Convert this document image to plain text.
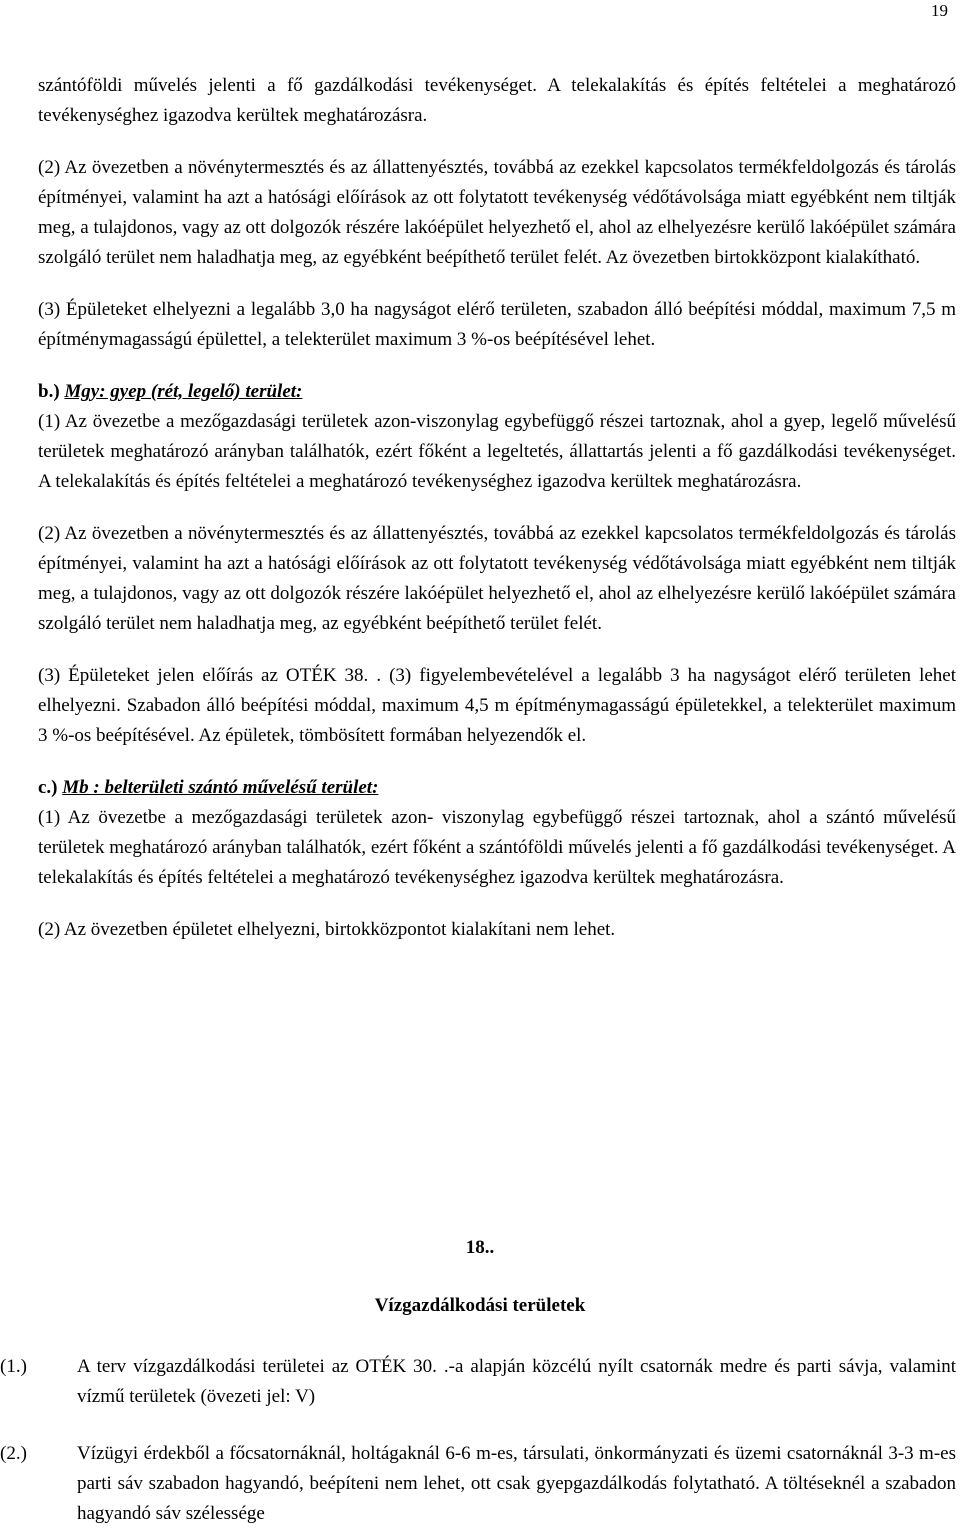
19

szántóföldi művelés jelenti a fő gazdálkodási tevékenységet. A telekalakítás és építés feltételei a meghatározó tevékenységhez igazodva kerültek meghatározásra.

(2) Az övezetben a növénytermesztés és az állattenyésztés, továbbá az ezekkel kapcsolatos termékfeldolgozás és tárolás építményei, valamint ha azt a hatósági előírások az ott folytatott tevékenység védőtávolsága miatt egyébként nem tiltják meg, a tulajdonos, vagy az ott dolgozók részére lakóépület helyezhető el, ahol az elhelyezésre kerülő lakóépület számára szolgáló terület nem haladhatja meg, az egyébként beépíthető terület felét. Az övezetben birtokközpont kialakítható.

(3) Épületeket elhelyezni a legalább 3,0 ha nagyságot elérő területen, szabadon álló beépítési móddal, maximum 7,5 m építménymagasságú épülettel, a telekterület maximum 3 %-os beépítésével lehet.

b.) Mgy: gyep (rét, legelő) terület:

(1) Az övezetbe a mezőgazdasági területek azon-viszonylag egybefüggő részei tartoznak, ahol a gyep, legelő művelésű területek meghatározó arányban találhatók, ezért főként a legeltetés, állattartás jelenti a fő gazdálkodási tevékenységet. A telekalakítás és építés feltételei a meghatározó tevékenységhez igazodva kerültek meghatározásra.

(2) Az övezetben a növénytermesztés és az állattenyésztés, továbbá az ezekkel kapcsolatos termékfeldolgozás és tárolás építményei, valamint ha azt a hatósági előírások az ott folytatott tevékenység védőtávolsága miatt egyébként nem tiltják meg, a tulajdonos, vagy az ott dolgozók részére lakóépület helyezhető el, ahol az elhelyezésre kerülő lakóépület számára szolgáló terület nem haladhatja meg, az egyébként beépíthető terület felét.

(3) Épületeket jelen előírás az OTÉK 38. . (3) figyelembevételével a legalább 3 ha nagyságot elérő területen lehet elhelyezni. Szabadon álló beépítési móddal, maximum 4,5 m építménymagasságú épületekkel, a telekterület maximum 3 %-os beépítésével. Az épületek, tömbösített formában helyezendők el.

c.) Mb : belterületi szántó művelésű terület:

(1) Az övezetbe a mezőgazdasági területek azon- viszonylag egybefüggő részei tartoznak, ahol a szántó művelésű területek meghatározó arányban találhatók, ezért főként a szántóföldi művelés jelenti a fő gazdálkodási tevékenységet. A telekalakítás és építés feltételei a meghatározó tevékenységhez igazodva kerültek meghatározásra.

(2) Az övezetben épületet elhelyezni, birtokközpontot kialakítani nem lehet.

18..
Vízgazdálkodási területek
(1.)	A terv vízgazdálkodási területei az OTÉK 30. .-a alapján közcélú nyílt csatornák medre és parti sávja, valamint vízmű területek (övezeti jel: V)
(2.)	Vízügyi érdekből a főcsatornáknál, holtágaknál 6-6 m-es, társulati, önkormányzati és üzemi csatornáknál 3-3 m-es parti sáv szabadon hagyandó, beépíteni nem lehet, ott csak gyepgazdálkodás folytatható. A töltéseknél a szabadon hagyandó sáv szélessége
